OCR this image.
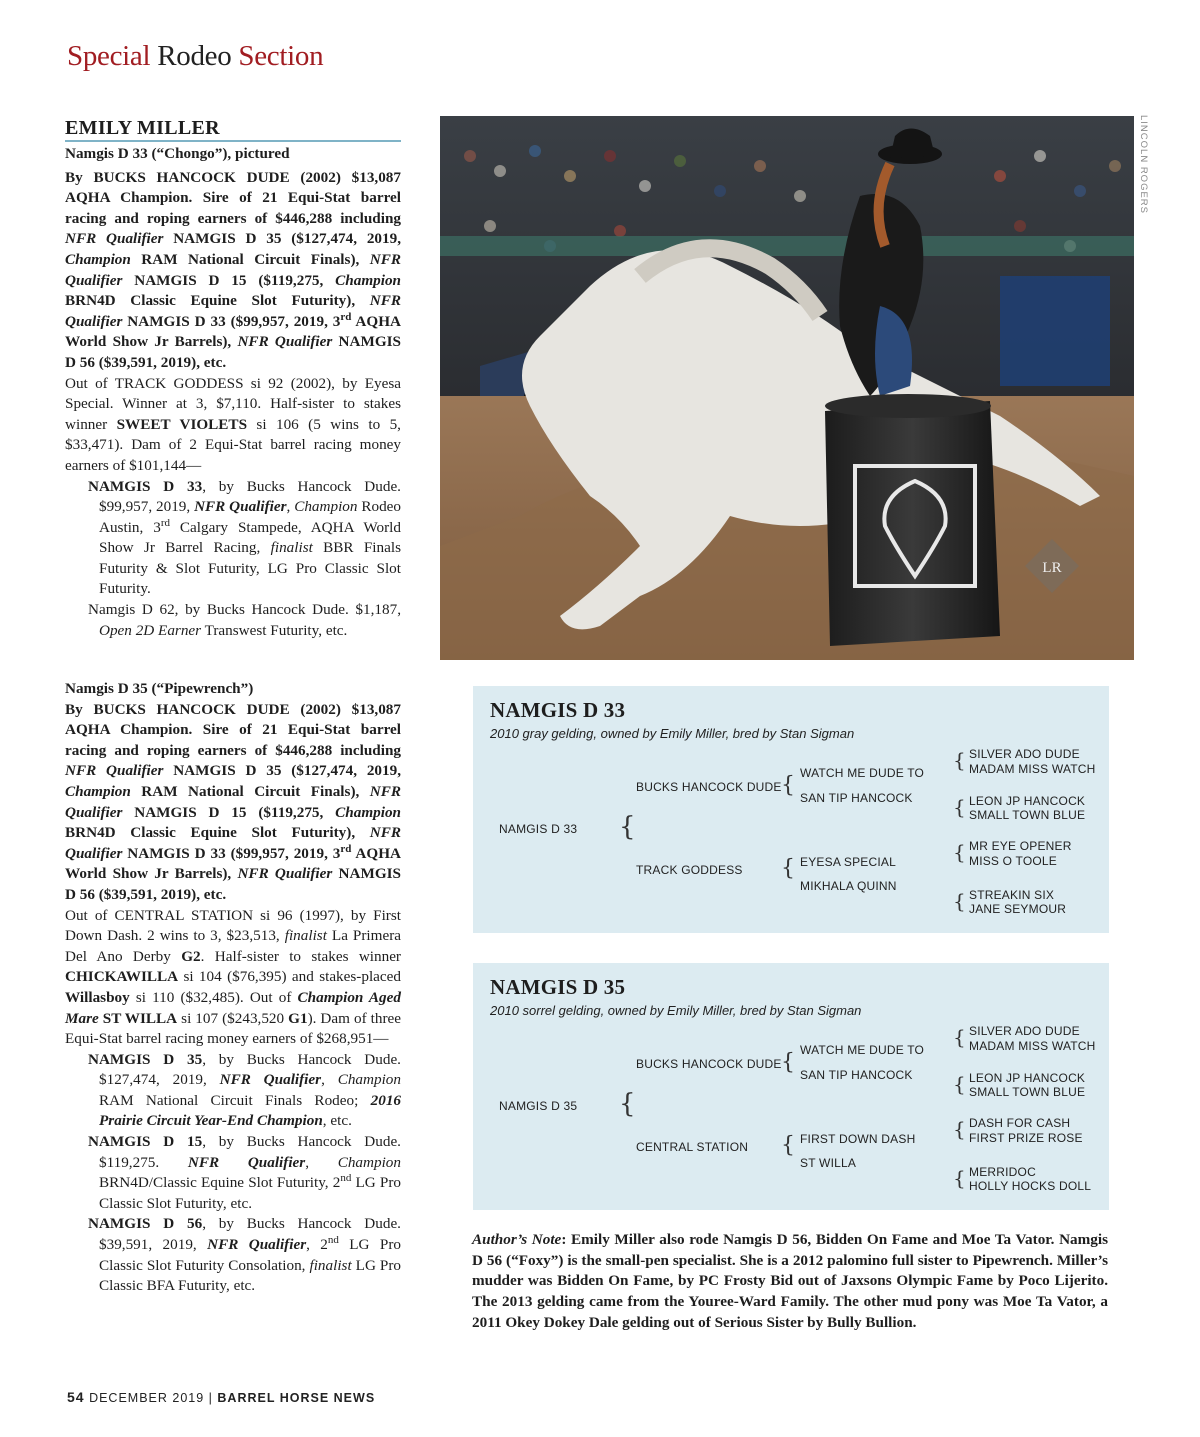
Special Rodeo Section
LINCOLN ROGERS
EMILY MILLER
Namgis D 33 (“Chongo”), pictured
By BUCKS HANCOCK DUDE (2002) $13,087 AQHA Champion. Sire of 21 Equi-Stat barrel racing and roping earners of $446,288 including NFR Qualifier NAMGIS D 35 ($127,474, 2019, Champion RAM National Circuit Finals), NFR Qualifier NAMGIS D 15 ($119,275, Champion BRN4D Classic Equine Slot Futurity), NFR Qualifier NAMGIS D 33 ($99,957, 2019, 3rd AQHA World Show Jr Barrels), NFR Qualifier NAMGIS D 56 ($39,591, 2019), etc.
Out of TRACK GODDESS si 92 (2002), by Eyesa Special. Winner at 3, $7,110. Half-sister to stakes winner SWEET VIOLETS si 106 (5 wins to 5, $33,471). Dam of 2 Equi-Stat barrel racing money earners of $101,144—
NAMGIS D 33, by Bucks Hancock Dude. $99,957, 2019, NFR Qualifier, Champion Rodeo Austin, 3rd Calgary Stampede, AQHA World Show Jr Barrel Racing, finalist BBR Finals Futurity & Slot Futurity, LG Pro Classic Slot Futurity.
Namgis D 62, by Bucks Hancock Dude. $1,187, Open 2D Earner Transwest Futurity, etc.
Namgis D 35 (“Pipewrench”)
By BUCKS HANCOCK DUDE (2002) $13,087 AQHA Champion. Sire of 21 Equi-Stat barrel racing and roping earners of $446,288 including NFR Qualifier NAMGIS D 35 ($127,474, 2019, Champion RAM National Circuit Finals), NFR Qualifier NAMGIS D 15 ($119,275, Champion BRN4D Classic Equine Slot Futurity), NFR Qualifier NAMGIS D 33 ($99,957, 2019, 3rd AQHA World Show Jr Barrels), NFR Qualifier NAMGIS D 56 ($39,591, 2019), etc.
Out of CENTRAL STATION si 96 (1997), by First Down Dash. 2 wins to 3, $23,513, finalist La Primera Del Ano Derby G2. Half-sister to stakes winner CHICKAWILLA si 104 ($76,395) and stakes-placed Willasboy si 110 ($32,485). Out of Champion Aged Mare ST WILLA si 107 ($243,520 G1). Dam of three Equi-Stat barrel racing money earners of $268,951—
NAMGIS D 35, by Bucks Hancock Dude. $127,474, 2019, NFR Qualifier, Champion RAM National Circuit Finals Rodeo; 2016 Prairie Circuit Year-End Champion, etc.
NAMGIS D 15, by Bucks Hancock Dude. $119,275. NFR Qualifier, Champion BRN4D/Classic Equine Slot Futurity, 2nd LG Pro Classic Slot Futurity, etc.
NAMGIS D 56, by Bucks Hancock Dude. $39,591, 2019, NFR Qualifier, 2nd LG Pro Classic Slot Futurity Consolation, finalist LG Pro Classic BFA Futurity, etc.
LR
NAMGIS D 33
2010 gray gelding, owned by Emily Miller, bred by Stan Sigman
NAMGIS D 33 {
BUCKS HANCOCK DUDE
TRACK GODDESS
{
{
WATCH ME DUDE TO
SAN TIP HANCOCK
EYESA SPECIAL
MIKHALA QUINN
{
{
{
{
SILVER ADO DUDE
MADAM MISS WATCH
LEON JP HANCOCK
SMALL TOWN BLUE
MR EYE OPENER
MISS O TOOLE
STREAKIN SIX
JANE SEYMOUR
NAMGIS D 35
2010 sorrel gelding, owned by Emily Miller, bred by Stan Sigman
NAMGIS D 35 {
BUCKS HANCOCK DUDE
CENTRAL STATION
{
{
WATCH ME DUDE TO
SAN TIP HANCOCK
FIRST DOWN DASH
ST WILLA
{
{
{
{
SILVER ADO DUDE
MADAM MISS WATCH
LEON JP HANCOCK
SMALL TOWN BLUE
DASH FOR CASH
FIRST PRIZE ROSE
MERRIDOC
HOLLY HOCKS DOLL
Author’s Note: Emily Miller also rode Namgis D 56, Bidden On Fame and Moe Ta Vator. Namgis D 56 (“Foxy”) is the small-pen specialist. She is a 2012 palomino full sister to Pipewrench. Miller’s mudder was Bidden On Fame, by PC Frosty Bid out of Jaxsons Olympic Fame by Poco Lijerito. The 2013 gelding came from the Youree-Ward Family. The other mud pony was Moe Ta Vator, a 2011 Okey Dokey Dale gelding out of Serious Sister by Bully Bullion.
54 DECEMBER 2019 | BARREL HORSE NEWS
